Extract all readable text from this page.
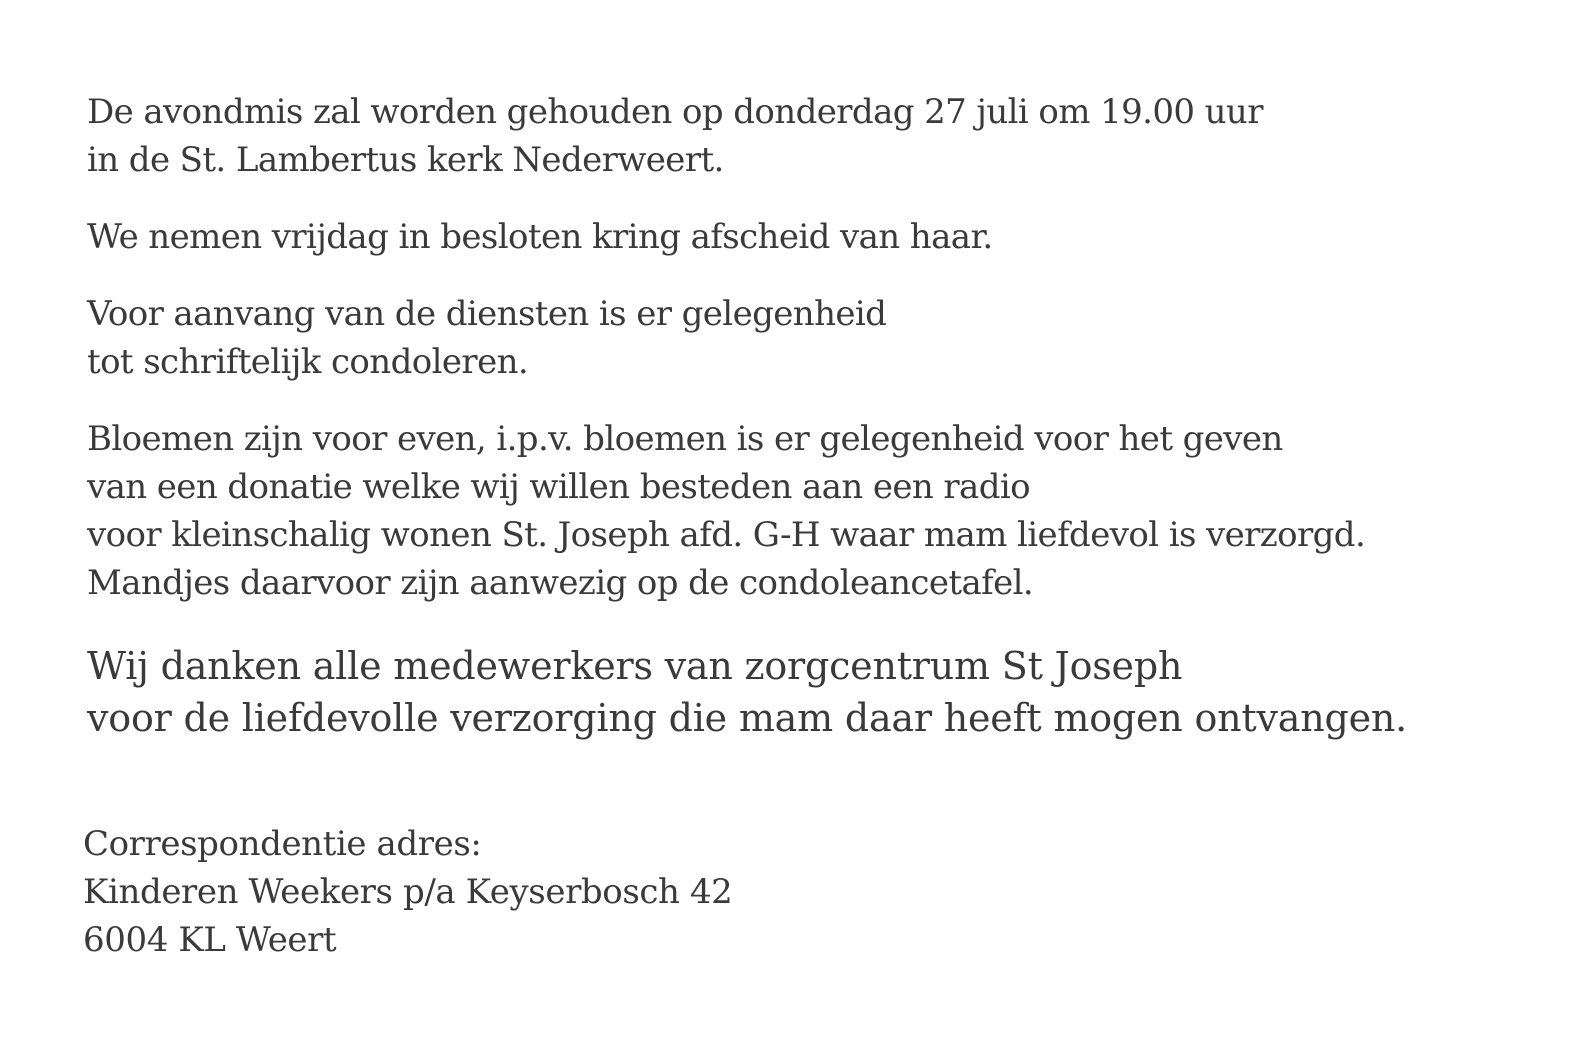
De avondmis zal worden gehouden op donderdag 27 juli om 19.00 uur
in de St. Lambertus kerk Nederweert.

We nemen vrijdag in besloten kring afscheid van haar.

Voor aanvang van de diensten is er gelegenheid
tot schriftelijk condoleren.

Bloemen zijn voor even, i.p.v. bloemen is er gelegenheid voor het geven
van een donatie welke wij willen besteden aan een radio
voor kleinschalig wonen St. Joseph afd. G-H waar mam liefdevol is verzorgd.
Mandjes daarvoor zijn aanwezig op de condoleancetafel.

Wij danken alle medewerkers van zorgcentrum St Joseph
voor de liefdevolle verzorging die mam daar heeft mogen ontvangen.

Correspondentie adres:
Kinderen Weekers p/a Keyserbosch 42
6004 KL Weert
